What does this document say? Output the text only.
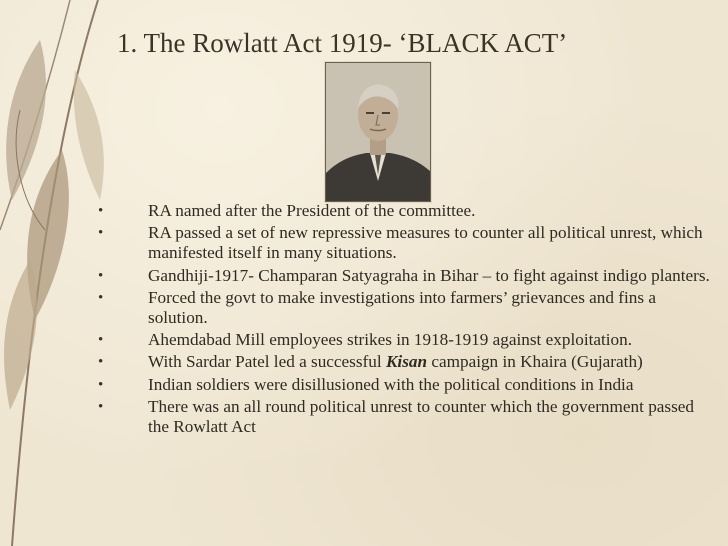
1. The Rowlatt Act 1919- ‘BLACK ACT’
•	RA named after the President of the committee.
•	RA passed a set of new repressive measures to counter all political unrest, which manifested itself in many situations.
•	Gandhiji-1917- Champaran Satyagraha in Bihar – to fight against indigo planters.
•	Forced the govt to make investigations into farmers’ grievances and fins a solution.
•	Ahemdabad Mill employees strikes in 1918-1919 against exploitation.
•	With Sardar Patel led a successful Kisan campaign in Khaira (Gujarath)
•	Indian soldiers were disillusioned with the political conditions in India
•	There was an all round political unrest to counter which the government passed the Rowlatt Act
